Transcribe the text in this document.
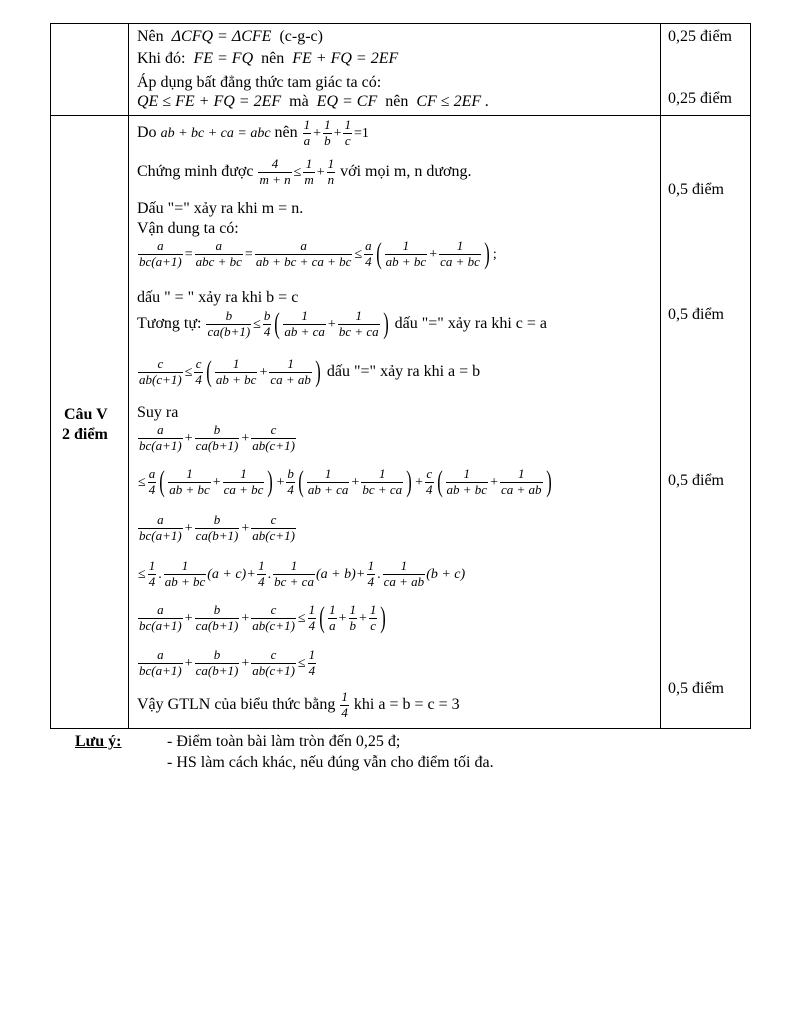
Nên ΔCFQ = ΔCFE (c-g-c)
Khi đó: FE = FQ nên FE + FQ = 2EF
Áp dụng bất đẳng thức tam giác ta có:
QE ≤ FE + FQ = 2EF mà EQ = CF nên CF ≤ 2EF .
0,25 điểm
0,25 điểm
Câu V
2 điểm
Do ab + bc + ca = abc nên $\frac{1}{a} + \frac{1}{b} + \frac{1}{c} =1$
Chứng minh được $\frac{4}{m + n} \le \frac{1}{m} + \frac{1}{n}$ với mọi m, n dương.
Dấu "=" xảy ra khi m = n.
Vận dung ta có:
$\frac{a}{bc(a+1)} = \frac{a}{\text{abc + bc}} = \frac{a}{ab + bc + ca + bc} \le \frac{a}{4}$ ( $\frac{1}{ab + bc} + \frac{1}{ca + bc}$ ) ;
dấu " = " xảy ra khi b = c
Tương tự: $\frac{b}{ca(b+1)} \le \frac{b}{4}$ ( $\frac{1}{ab + ca} + \frac{1}{bc + ca}$ ) dấu "=" xảy ra khi c = a
$\frac{c}{ab(c+1)} \le \frac{c}{4}$ ( $\frac{1}{ab + bc} + \frac{1}{ca + ab}$ ) dấu "=" xảy ra khi a = b
Suy ra
$\frac{a}{bc(a+1)} + \frac{b}{ca(b+1)} + \frac{c}{ab(c+1)}$
≤ $\frac{a}{4}$ ( $\frac{1}{ab + bc} + \frac{1}{ca + bc}$ ) + $\frac{b}{4}$ ( $\frac{1}{ab + ca} + \frac{1}{bc + ca}$ ) + $\frac{c}{4}$ ( $\frac{1}{ab + bc} + \frac{1}{ca + ab}$ )
$\frac{a}{bc(a+1)} + \frac{b}{ca(b+1)} + \frac{c}{ab(c+1)}$
≤ $\frac{1}{4}$ . $\frac{1}{ab + bc} (a + c)+ \frac{1}{4}$ . $\frac{1}{bc + ca} (a + b)+ \frac{1}{4}$ . $\frac{1}{ca + ab} (b + c)$
$\frac{a}{bc(a+1)} + \frac{b}{ca(b+1)} + \frac{c}{ab(c+1)} \le \frac{1}{4}$ ( $\frac{1}{a} + \frac{1}{b} + \frac{1}{c}$ )
$\frac{a}{bc(a+1)} + \frac{b}{ca(b+1)} + \frac{c}{ab(c+1)} \le \frac{1}{4}$
Vậy GTLN của biểu thức bằng $\frac{1}{4}$ khi a = b = c = 3
0,5 điểm
0,5 điểm
0,5 điểm
0,5 điểm
Lưu ý:	- Điểm toàn bài làm tròn đến 0,25 đ;
- HS làm cách khác, nếu đúng vẫn cho điểm tối đa.
